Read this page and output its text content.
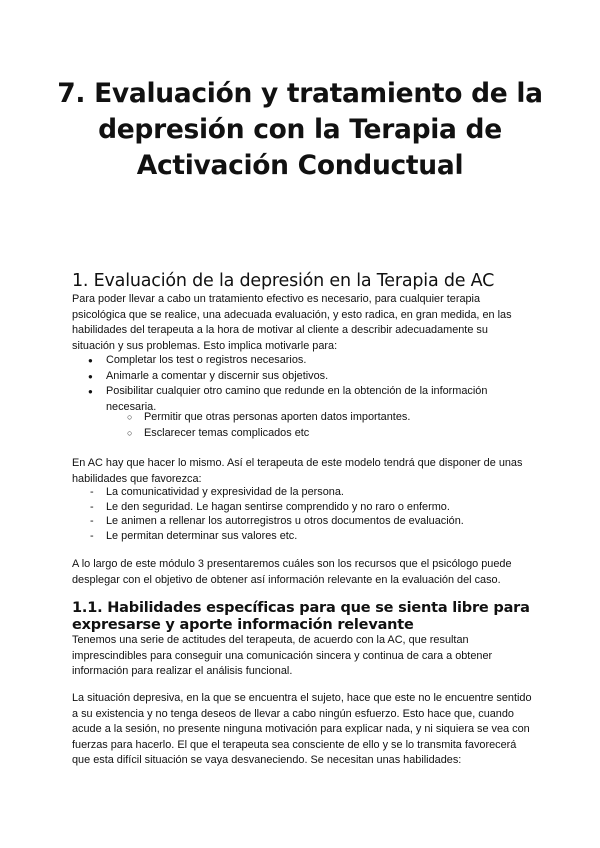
7. Evaluación y tratamiento de la depresión con la Terapia de Activación Conductual
1. Evaluación de la depresión en la Terapia de AC

Para poder llevar a cabo un tratamiento efectivo es necesario, para cualquier terapia psicológica que se realice, una adecuada evaluación, y esto radica, en gran medida, en las habilidades del terapeuta a la hora de motivar al cliente a describir adecuadamente su situación y sus problemas. Esto implica motivarle para:

● Completar los test o registros necesarios.
● Animarle a comentar y discernir sus objetivos.
● Posibilitar cualquier otro camino que redunde en la obtención de la información necesaria.
○ Permitir que otras personas aporten datos importantes.
○ Esclarecer temas complicados etc

En AC hay que hacer lo mismo. Así el terapeuta de este modelo tendrá que disponer de unas habilidades que favorezca:

- La comunicatividad y expresividad de la persona.
- Le den seguridad. Le hagan sentirse comprendido y no raro o enfermo.
- Le animen a rellenar los autorregistros u otros documentos de evaluación.
- Le permitan determinar sus valores etc.

A lo largo de este módulo 3 presentaremos cuáles son los recursos que el psicólogo puede desplegar con el objetivo de obtener así información relevante en la evaluación del caso.

1.1. Habilidades específicas para que se sienta libre para expresarse y aporte información relevante

Tenemos una serie de actitudes del terapeuta, de acuerdo con la AC, que resultan imprescindibles para conseguir una comunicación sincera y continua de cara a obtener información para realizar el análisis funcional.

La situación depresiva, en la que se encuentra el sujeto, hace que este no le encuentre sentido a su existencia y no tenga deseos de llevar a cabo ningún esfuerzo. Esto hace que, cuando acude a la sesión, no presente ninguna motivación para explicar nada, y ni siquiera se vea con fuerzas para hacerlo. El que el terapeuta sea consciente de ello y se lo transmita favorecerá que esta difícil situación se vaya desvaneciendo. Se necesitan unas habilidades:
